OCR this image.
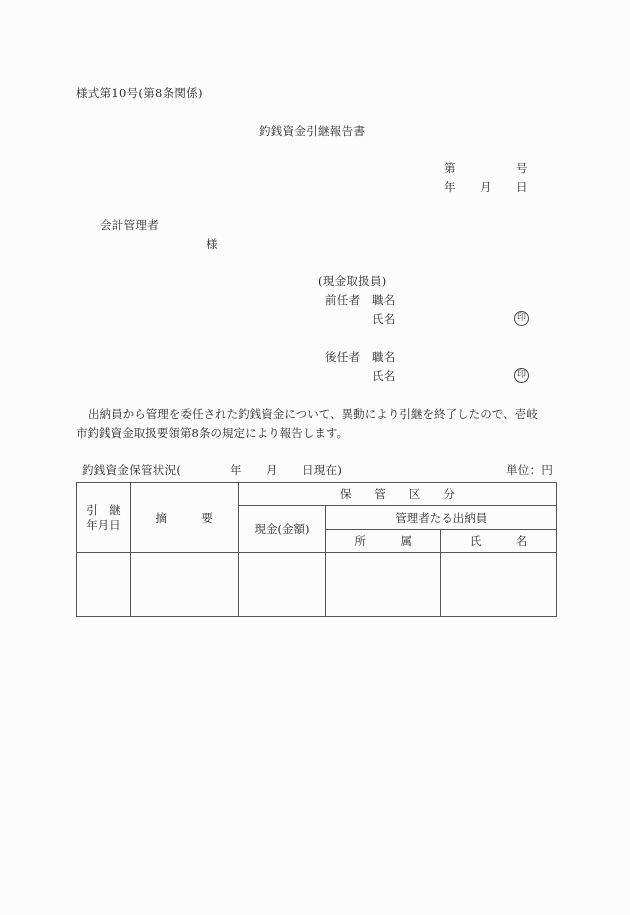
様式第10号(第8条関係)
釣銭資金引継報告書
第	号
年 月 日
会計管理者
様
(現金取扱員)
前任者 職名
氏名	印
後任者 職名
氏名	印
出納員から管理を委任された釣銭資金について、異動により引継を終了したので、壱岐
市釣銭資金取扱要領第8条の規定により報告します。
釣銭資金保管状況(	年 月 日現在)	単位：円
引　継
年月日	摘　　　要	保　　管　　区　　分		
		現金(金額)	管理者たる出納員	
			所　　　属	氏　　　名
